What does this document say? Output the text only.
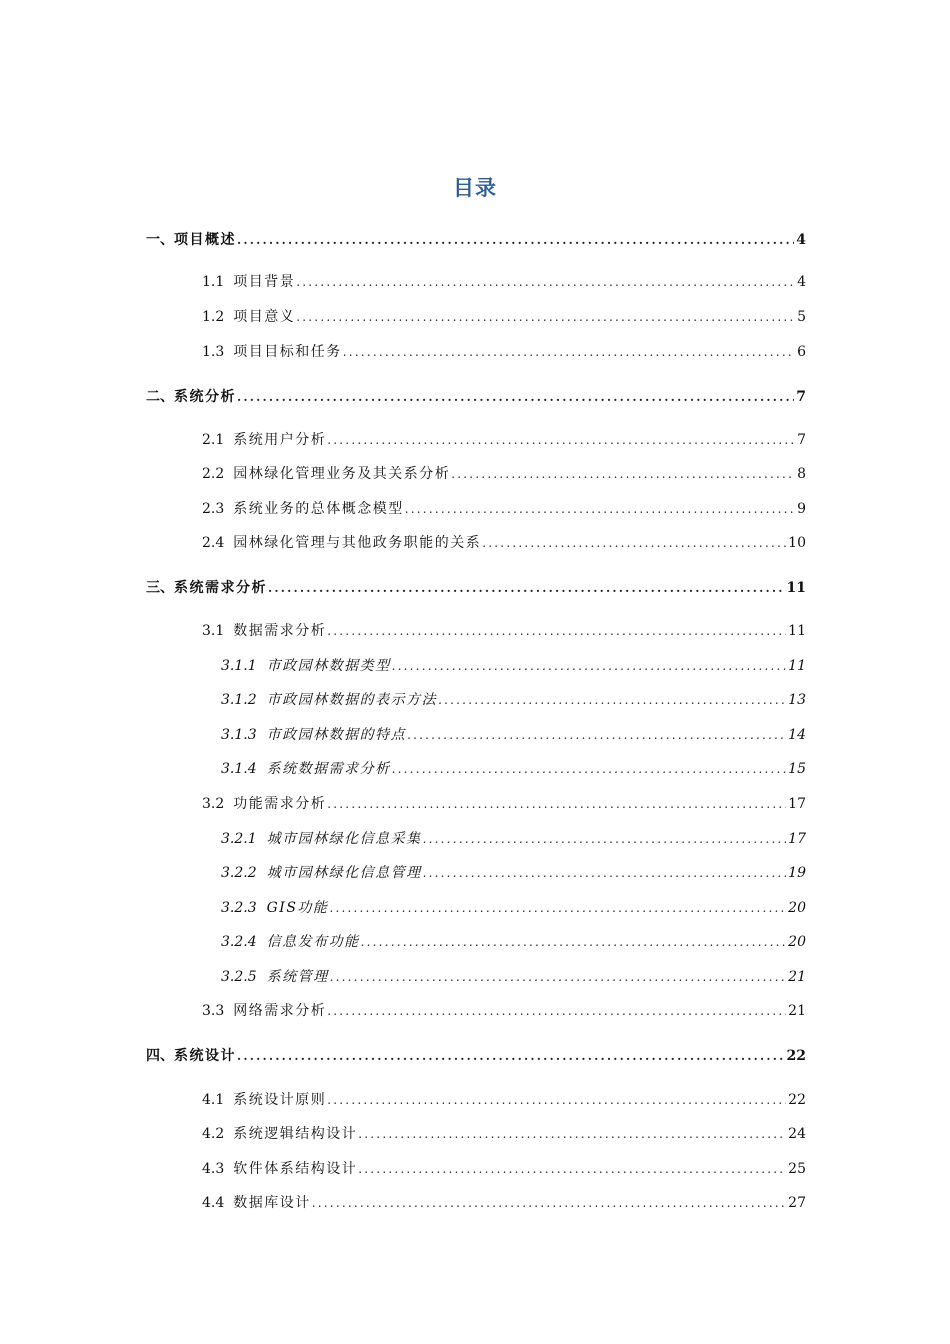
目录
一、 项目概述 .....	4
1.1 项目背景 .....	4
1.2 项目意义 .....	5
1.3 项目目标和任务 .....	6
二、 系统分析 .....	7
2.1 系统用户分析 .....	7
2.2 园林绿化管理业务及其关系分析 .....	8
2.3 系统业务的总体概念模型 .....	9
2.4 园林绿化管理与其他政务职能的关系 .....	10
三、 系统需求分析 .....	11
3.1 数据需求分析 .....	11
3.1.1 市政园林数据类型 .....	11
3.1.2 市政园林数据的表示方法 .....	13
3.1.3 市政园林数据的特点 .....	14
3.1.4 系统数据需求分析 .....	15
3.2 功能需求分析 .....	17
3.2.1 城市园林绿化信息采集 .....	17
3.2.2 城市园林绿化信息管理 .....	19
3.2.3 GIS功能 .....	20
3.2.4 信息发布功能 .....	20
3.2.5 系统管理 .....	21
3.3 网络需求分析 .....	21
四、 系统设计 .....	22
4.1 系统设计原则 .....	22
4.2 系统逻辑结构设计 .....	24
4.3 软件体系结构设计 .....	25
4.4 数据库设计 .....	27
